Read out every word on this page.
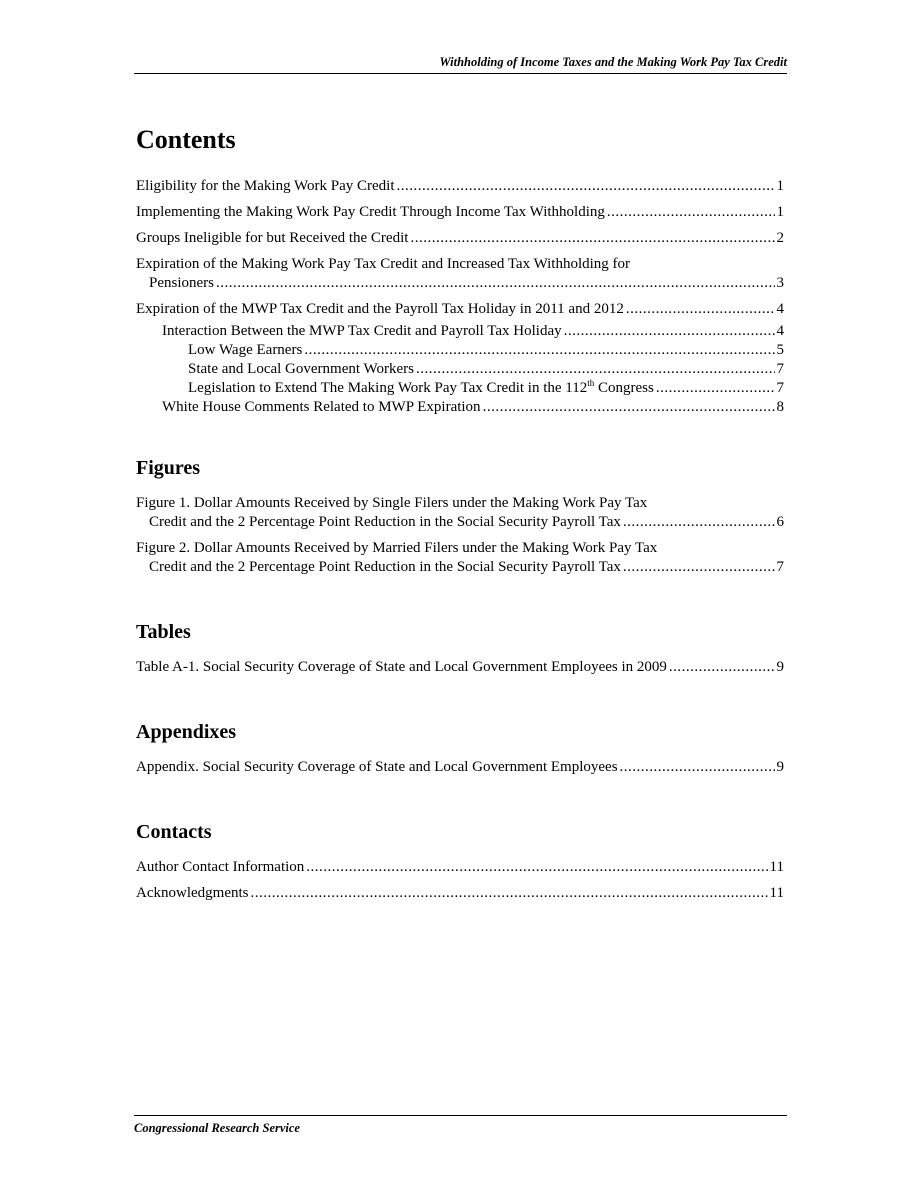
Withholding of Income Taxes and the Making Work Pay Tax Credit
Contents
Eligibility for the Making Work Pay Credit .....	1
Implementing the Making Work Pay Credit Through Income Tax Withholding .....	1
Groups Ineligible for but Received the Credit .....	2
Expiration of the Making Work Pay Tax Credit and Increased Tax Withholding for
Pensioners .....	3
Expiration of the MWP Tax Credit and the Payroll Tax Holiday in 2011 and 2012 .....	4
Interaction Between the MWP Tax Credit and Payroll Tax Holiday .....	4
Low Wage Earners .....	5
State and Local Government Workers .....	7
Legislation to Extend The Making Work Pay Tax Credit in the 112th Congress .....	7
White House Comments Related to MWP Expiration .....	8
Figures
Figure 1. Dollar Amounts Received by Single Filers under the Making Work Pay Tax
Credit and the 2 Percentage Point Reduction in the Social Security Payroll Tax .....	6
Figure 2. Dollar Amounts Received by Married Filers under the Making Work Pay Tax
Credit and the 2 Percentage Point Reduction in the Social Security Payroll Tax .....	7
Tables
Table A-1. Social Security Coverage of State and Local Government Employees in 2009 .....	9
Appendixes
Appendix. Social Security Coverage of State and Local Government Employees .....	9
Contacts
Author Contact Information .....	11
Acknowledgments .....	11
Congressional Research Service
